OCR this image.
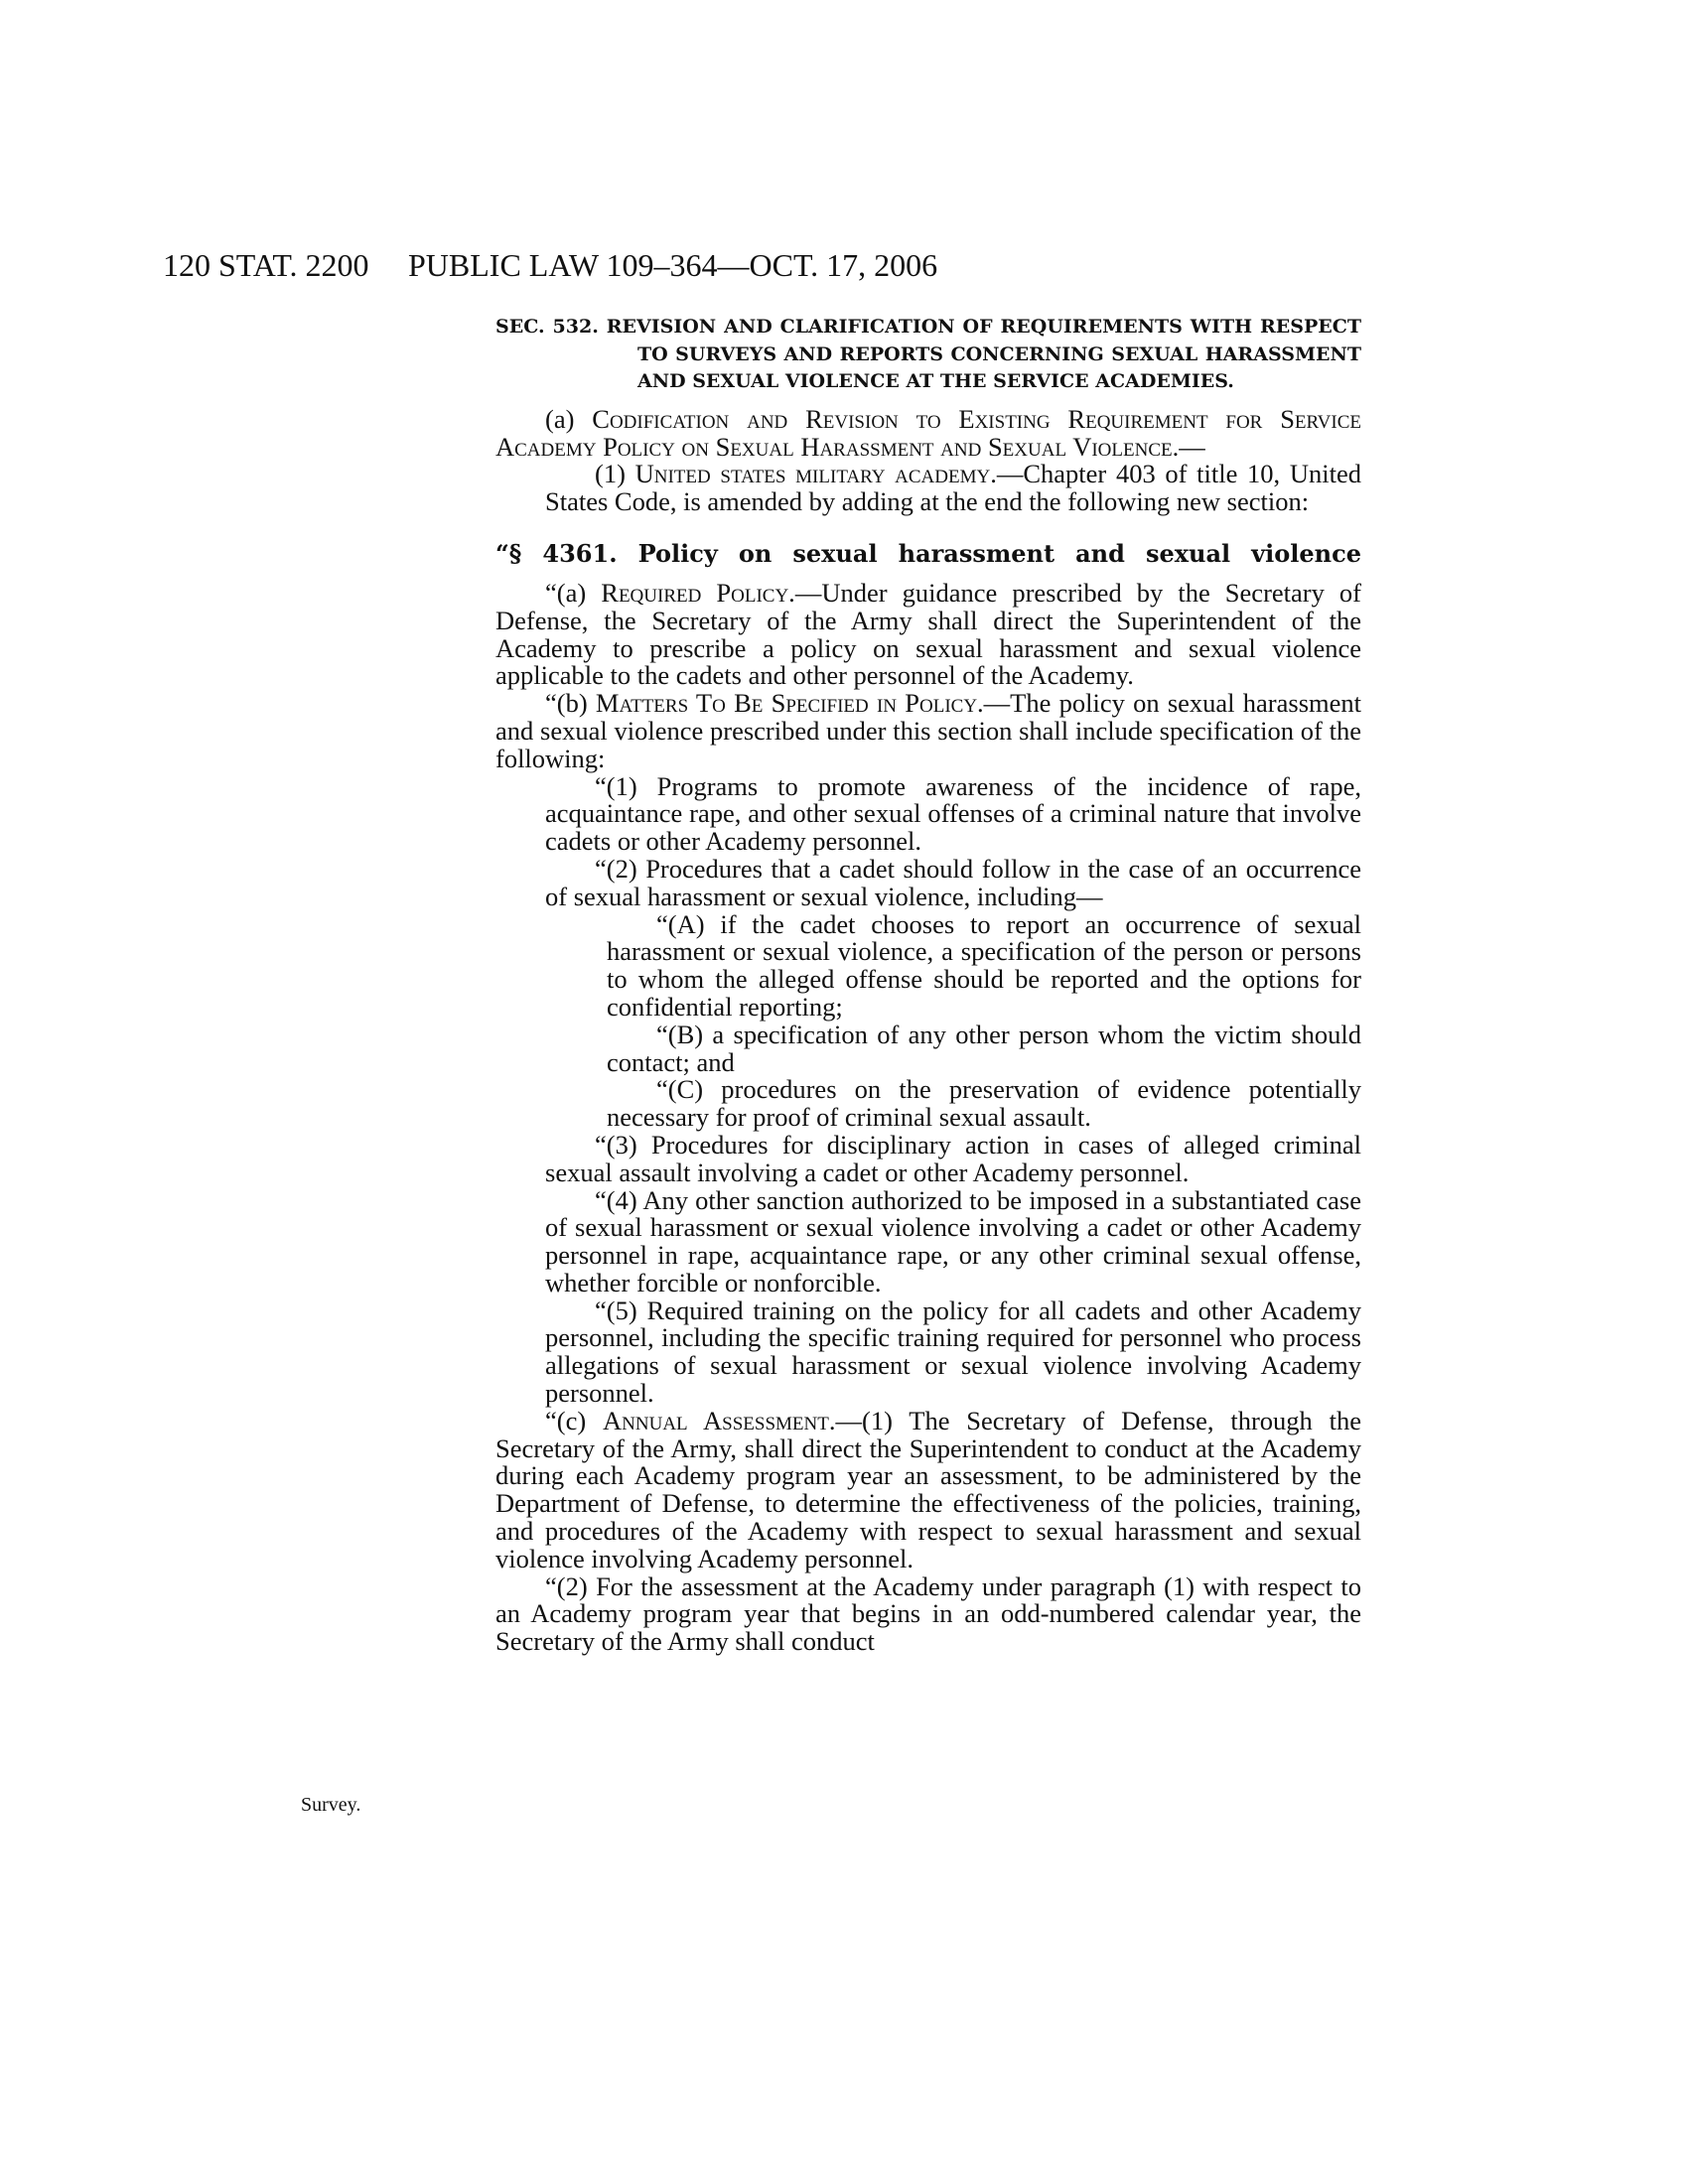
120 STAT. 2200 PUBLIC LAW 109–364—OCT. 17, 2006
Survey.

SEC. 532. REVISION AND CLARIFICATION OF REQUIREMENTS WITH RESPECT TO SURVEYS AND REPORTS CONCERNING SEXUAL HARASSMENT AND SEXUAL VIOLENCE AT THE SERVICE ACADEMIES.

(a) Codification and Revision to Existing Requirement for Service Academy Policy on Sexual Harassment and Sexual Violence.—

(1) United states military academy.—Chapter 403 of title 10, United States Code, is amended by adding at the end the following new section:

“§ 4361. Policy on sexual harassment and sexual violence

“(a) Required Policy.—Under guidance prescribed by the Secretary of Defense, the Secretary of the Army shall direct the Superintendent of the Academy to prescribe a policy on sexual harassment and sexual violence applicable to the cadets and other personnel of the Academy.

“(b) Matters To Be Specified in Policy.—The policy on sexual harassment and sexual violence prescribed under this section shall include specification of the following:

“(1) Programs to promote awareness of the incidence of rape, acquaintance rape, and other sexual offenses of a criminal nature that involve cadets or other Academy personnel.

“(2) Procedures that a cadet should follow in the case of an occurrence of sexual harassment or sexual violence, including—

“(A) if the cadet chooses to report an occurrence of sexual harassment or sexual violence, a specification of the person or persons to whom the alleged offense should be reported and the options for confidential reporting;

“(B) a specification of any other person whom the victim should contact; and

“(C) procedures on the preservation of evidence potentially necessary for proof of criminal sexual assault.

“(3) Procedures for disciplinary action in cases of alleged criminal sexual assault involving a cadet or other Academy personnel.

“(4) Any other sanction authorized to be imposed in a substantiated case of sexual harassment or sexual violence involving a cadet or other Academy personnel in rape, acquaintance rape, or any other criminal sexual offense, whether forcible or nonforcible.

“(5) Required training on the policy for all cadets and other Academy personnel, including the specific training required for personnel who process allegations of sexual harassment or sexual violence involving Academy personnel.

“(c) Annual Assessment.—(1) The Secretary of Defense, through the Secretary of the Army, shall direct the Superintendent to conduct at the Academy during each Academy program year an assessment, to be administered by the Department of Defense, to determine the effectiveness of the policies, training, and procedures of the Academy with respect to sexual harassment and sexual violence involving Academy personnel.

“(2) For the assessment at the Academy under paragraph (1) with respect to an Academy program year that begins in an odd-numbered calendar year, the Secretary of the Army shall conduct
